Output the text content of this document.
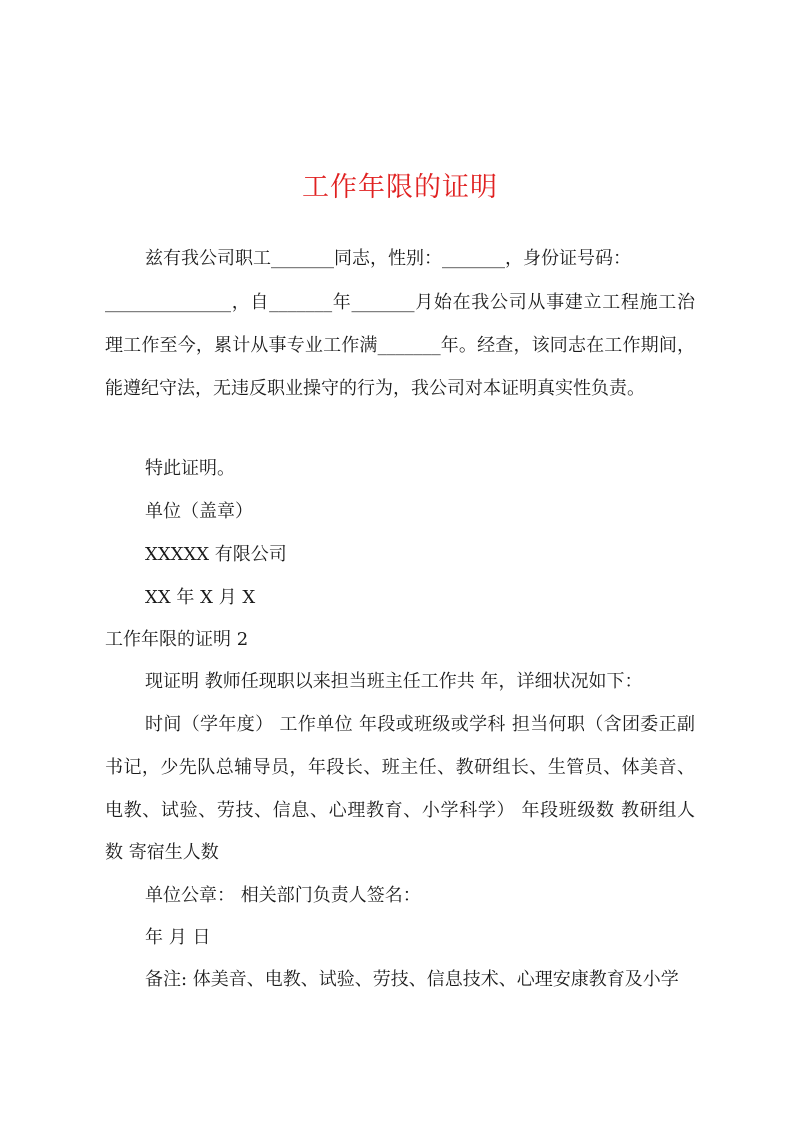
工作年限的证明

兹有我公司职工_______同志，性别：_______，身份证号码：

______________，自_______年_______月始在我公司从事建立工程施工治

理工作至今，累计从事专业工作满_______年。经查，该同志在工作期间，

能遵纪守法，无违反职业操守的行为，我公司对本证明真实性负责。

特此证明。

单位（盖章）

XXXXX 有限公司

XX 年 X 月 X

工作年限的证明 2

现证明 教师任现职以来担当班主任工作共 年，详细状况如下：

时间（学年度） 工作单位 年段或班级或学科 担当何职（含团委正副

书记，少先队总辅导员，年段长、班主任、教研组长、生管员、体美音、

电教、试验、劳技、信息、心理教育、小学科学） 年段班级数 教研组人

数 寄宿生人数

单位公章： 相关部门负责人签名：

年 月 日

备注: 体美音、电教、试验、劳技、信息技术、心理安康教育及小学
